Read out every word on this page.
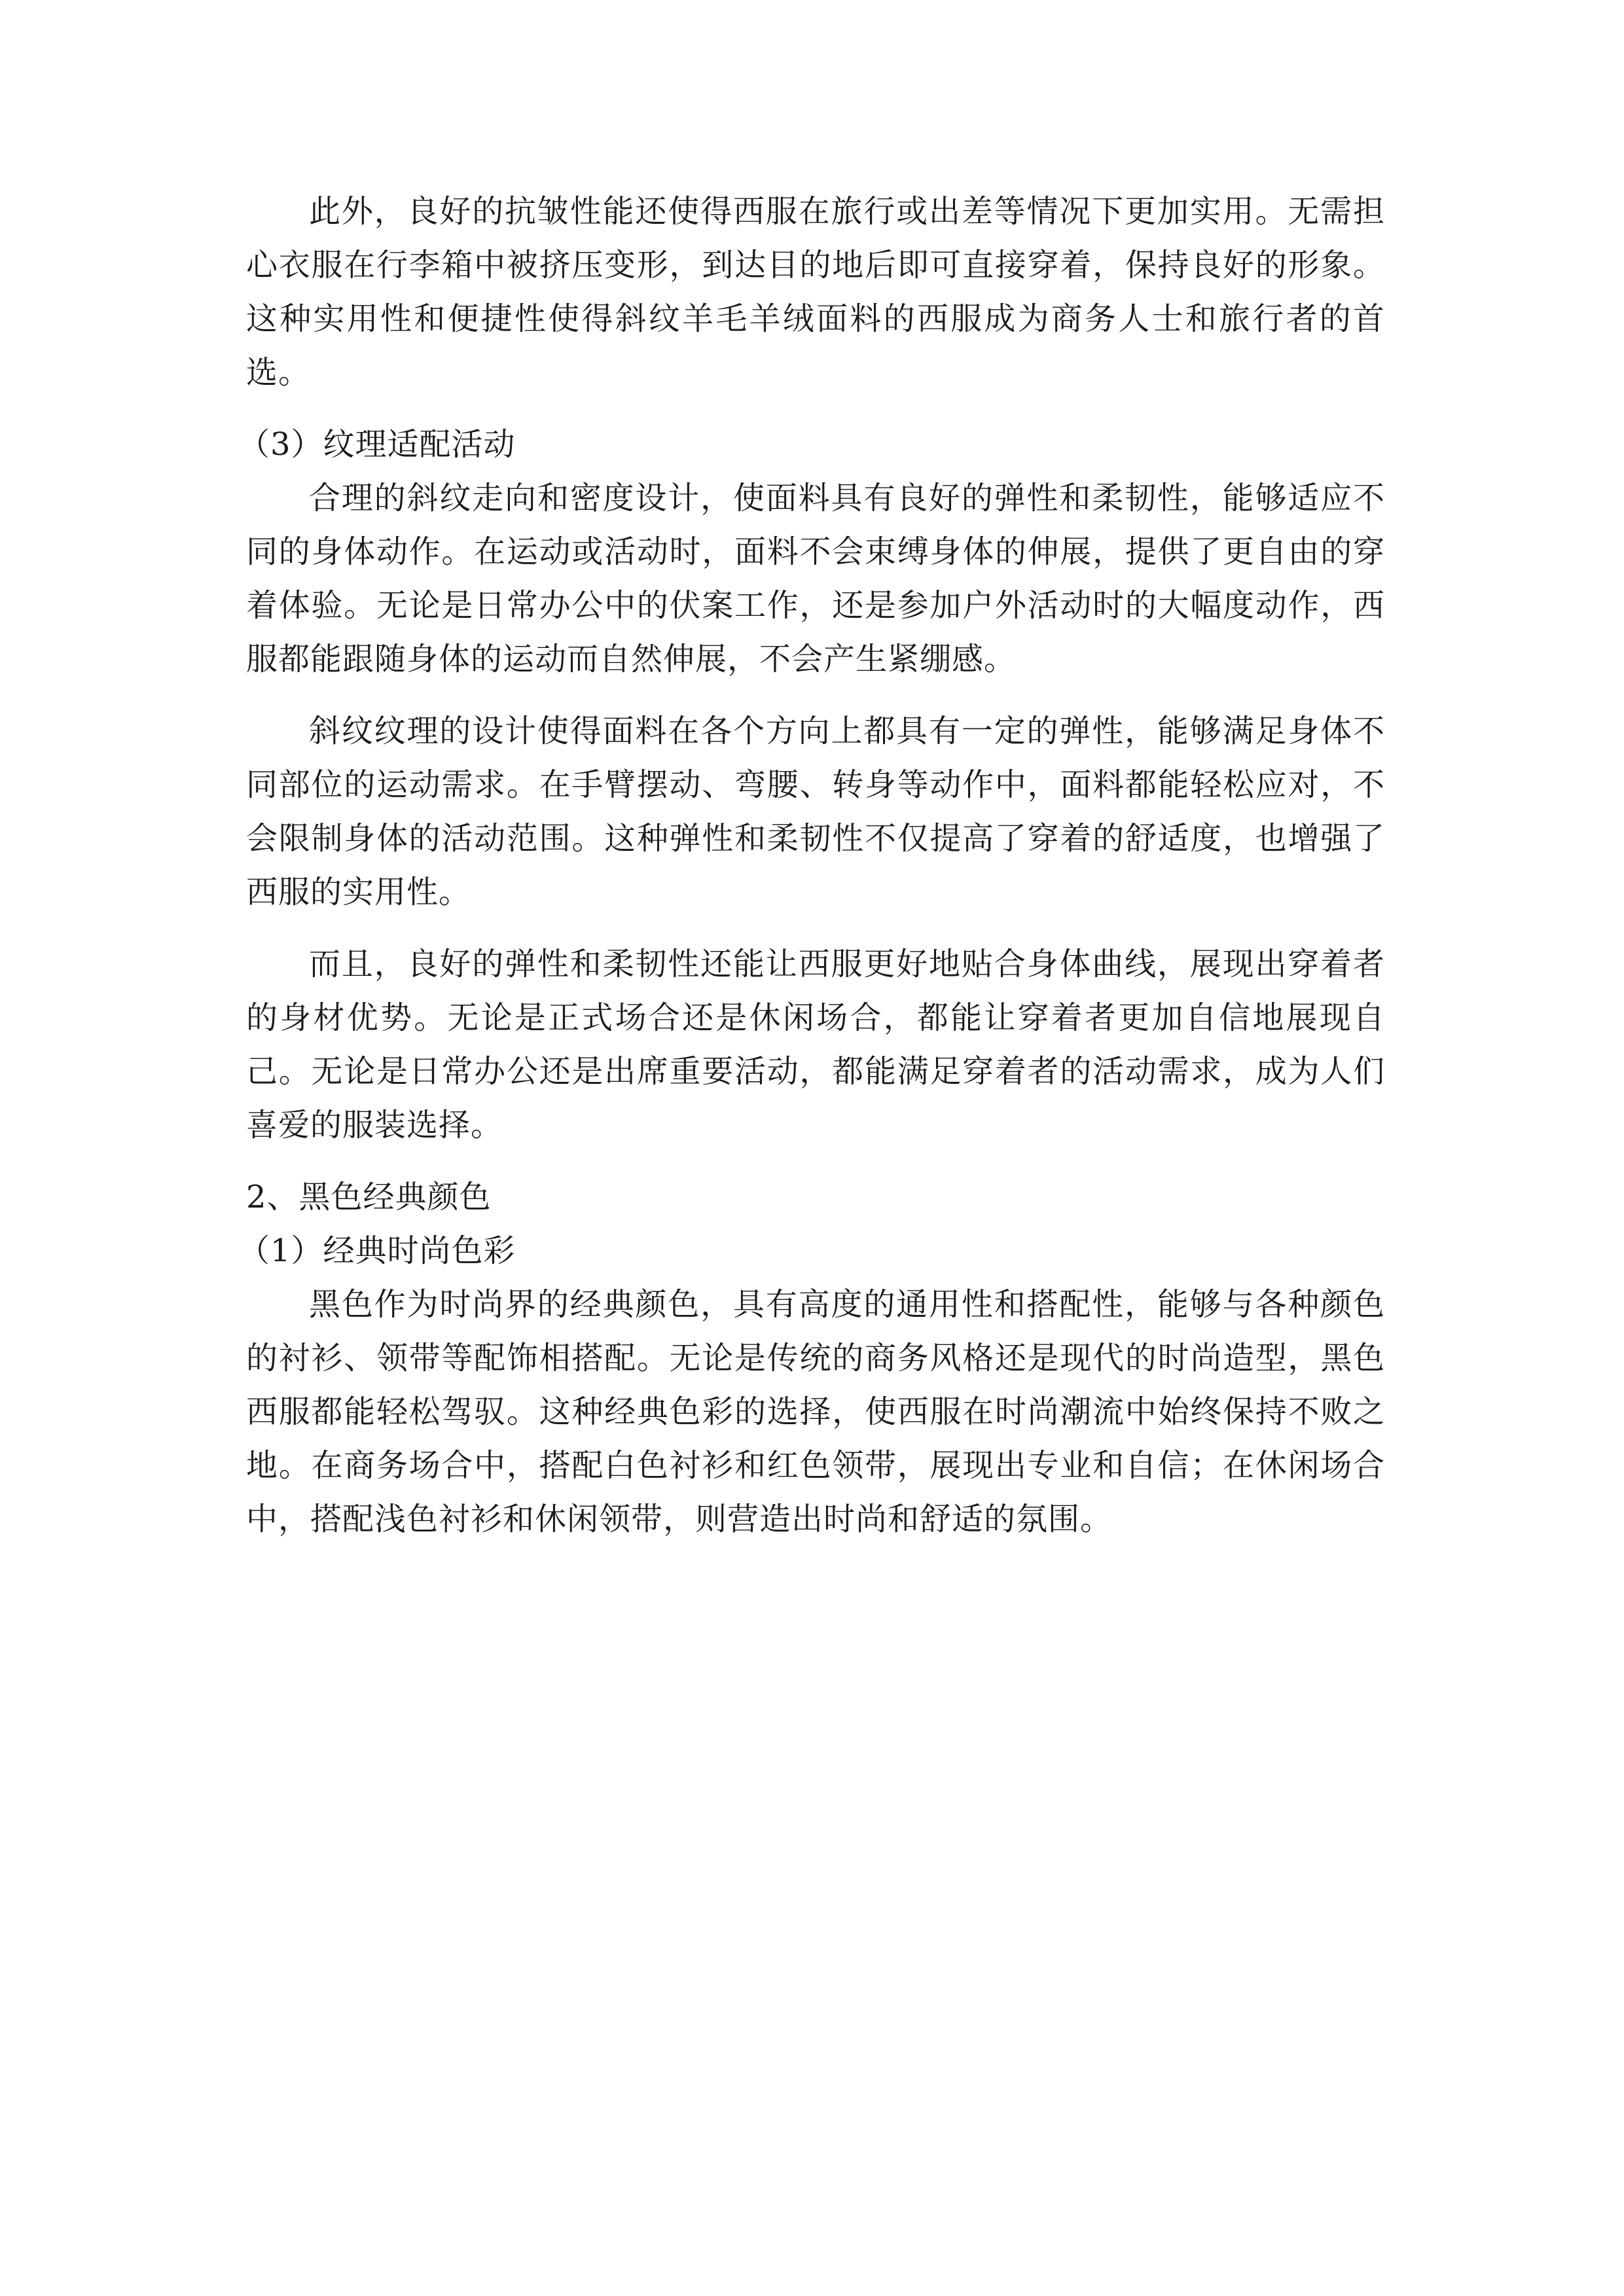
此外，良好的抗皱性能还使得西服在旅行或出差等情况下更加实用。无需担心衣服在行李箱中被挤压变形，到达目的地后即可直接穿着，保持良好的形象。这种实用性和便捷性使得斜纹羊毛羊绒面料的西服成为商务人士和旅行者的首选。

（3）纹理适配活动

合理的斜纹走向和密度设计，使面料具有良好的弹性和柔韧性，能够适应不同的身体动作。在运动或活动时，面料不会束缚身体的伸展，提供了更自由的穿着体验。无论是日常办公中的伏案工作，还是参加户外活动时的大幅度动作，西服都能跟随身体的运动而自然伸展，不会产生紧绷感。

斜纹纹理的设计使得面料在各个方向上都具有一定的弹性，能够满足身体不同部位的运动需求。在手臂摆动、弯腰、转身等动作中，面料都能轻松应对，不会限制身体的活动范围。这种弹性和柔韧性不仅提高了穿着的舒适度，也增强了西服的实用性。

而且，良好的弹性和柔韧性还能让西服更好地贴合身体曲线，展现出穿着者的身材优势。无论是正式场合还是休闲场合，都能让穿着者更加自信地展现自己。无论是日常办公还是出席重要活动，都能满足穿着者的活动需求，成为人们喜爱的服装选择。

2、黑色经典颜色

（1）经典时尚色彩

黑色作为时尚界的经典颜色，具有高度的通用性和搭配性，能够与各种颜色的衬衫、领带等配饰相搭配。无论是传统的商务风格还是现代的时尚造型，黑色西服都能轻松驾驭。这种经典色彩的选择，使西服在时尚潮流中始终保持不败之地。在商务场合中，搭配白色衬衫和红色领带，展现出专业和自信；在休闲场合中，搭配浅色衬衫和休闲领带，则营造出时尚和舒适的氛围。
